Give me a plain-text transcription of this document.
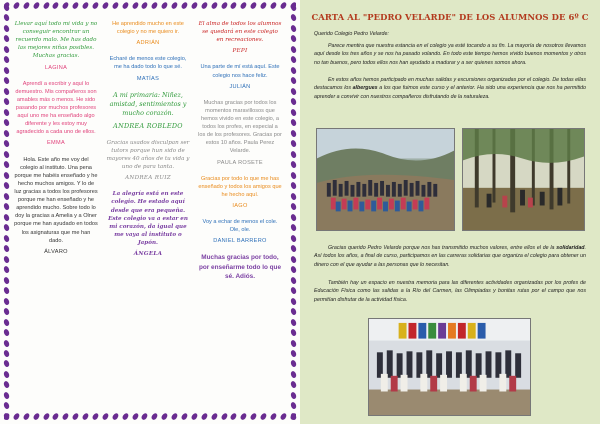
Llevar aquí todo mi vida y no conseguir encontrar un recuerdo malo. Me has dado las mejores niñas posibles. Muchas gracias.
LAGINA
Aprendí a escribir y aquí lo demuestro. Mis compañeros son amables más o menos. He sido pasando por muchos profesores aquí uno me ha enseñado algo diferente y les estoy muy agradecido a cada uno de ellos.
EMMA
Hola. Este año me voy del colegio al instituto. Una pena porque me habéis enseñado y he hecho muchos amigos. Y lo de luz gracias a todos los profesores porque me han enseñado y he aprendido mucho. Sobre todo lo doy la gracias a Amelia y a Olner porque me han ayudado en todos los asignaturas que me han dado.
ÁLVARO
He aprendido mucho en este colegio y no me quiero ir.
ADRIÁN
Echaré de menos este colegio, me ha dado todo lo que sé.
MATÍAS
A mi primaria: Niñez, amistad, sentimientos y mucho corazón.
ANDREA ROBLEDO
Gracias usados disculpan ser tutors porque hun sido de mayores 40 años de tu vida y uno de para tanta.
ANDREA RUIZ
La alegría está en este colegio. He estado aquí desde que era pequeña. Este colegio va a estar en mi corazón, da igual que me vaya al instituto o Japón.
ÁNGELA
El alma de todos los alumnos se quedará en este colegio en recreaciones.
PEPI
Una parte de mí está aquí. Este colegio nos hace feliz.
JULIÁN
Muchas gracias por todos los momentos maravillosos que hemos vivido en este colegio, a todos los profes, en especial a los de los profesores. Gracias por estos 10 años. Paula Perez Velarde.
PAULA ROSETE
Gracias por todo lo que me has enseñado y todos los amigos que he hecho aquí.
IAGO
Voy a echar de menos el cole. Ole, ole.
DANIEL BARRERO
Muchas gracias por todo, por enseñarme todo lo que sé. Adiós.
CARTA AL "PEDRO VELARDE" DE LOS ALUMNOS DE 6º C

Querido Colegio Pedro Velarde:

Parece mentira que nuestra estancia en el colegio ya esté tocando a su fin. La mayoría de nosotros llevamos aquí desde los tres años y se nos ha pasado volando. En todo este tiempo hemos vivido buenos momentos y otros no tan buenos, pero todos ellos nos han ayudado a madurar y a ser quienes somos ahora.

En estos años hemos participado en muchas salidas y excursiones organizadas por el colegio. De todas ellas destacamos los albergues a los que fuimos este curso y el anterior. Ha sido una experiencia que nos ha permitido aprender a convivir con nuestros compañeros disfrutando de la naturaleza.

Gracias querido Pedro Velarde porque nos has transmitido muchos valores, entre ellos el de la solidaridad. Así todos los años, a final de curso, participamos en las carreras solidarias que organiza el colegio para obtener un dinero con el que ayudar a las personas que lo necesitan.

También hay un espacio en nuestra memoria para las diferentes actividades organizadas por los profes de Educación Física como las salidas a la Río del Carmen, las Olimpiadas y bonitas rutas por el campo que nos permitían disfrutar de la actividad física.
